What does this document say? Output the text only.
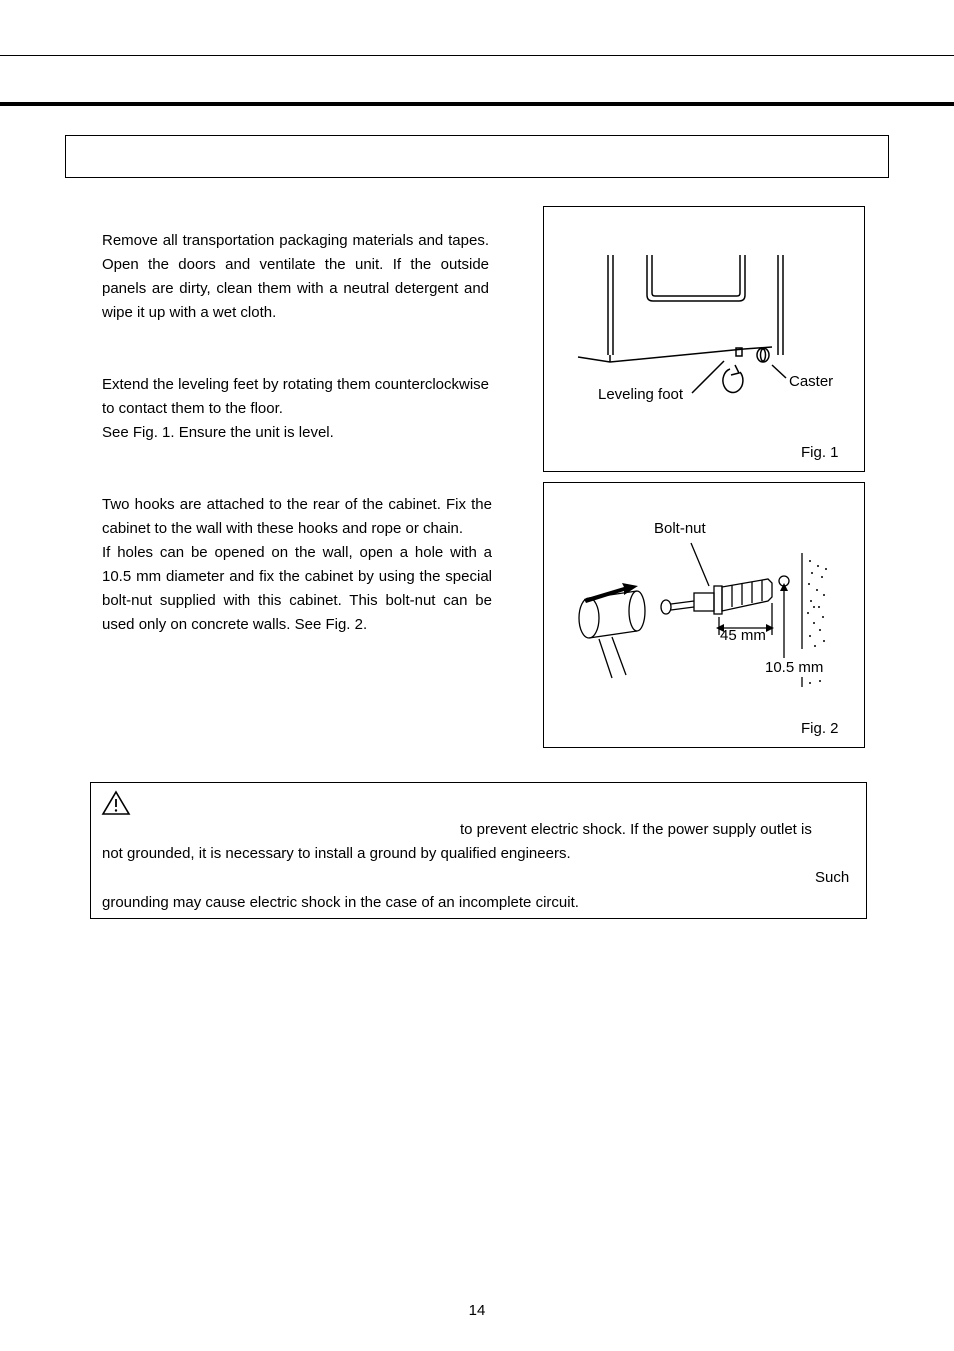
Remove all transportation packaging materials and tapes. Open the doors and ventilate the unit. If the outside panels are dirty, clean them with a neutral detergent and wipe it up with a wet cloth.

Extend the leveling feet by rotating them counterclockwise to contact them to the floor.

See Fig. 1. Ensure the unit is level.

Two hooks are attached to the rear of the cabinet. Fix the cabinet to the wall with these hooks and rope or chain.

If holes can be opened on the wall, open a hole with a 10.5 mm diameter and fix the cabinet by using the special bolt-nut supplied with this cabinet. This bolt-nut can be used only on concrete walls. See Fig. 2.

Leveling foot
Caster
Fig. 1
Bolt-nut
45 mm
10.5 mm
Fig. 2
to prevent electric shock. If the power supply outlet is
not grounded, it is necessary to install a ground by qualified engineers.
Such
grounding may cause electric shock in the case of an incomplete circuit.
14
